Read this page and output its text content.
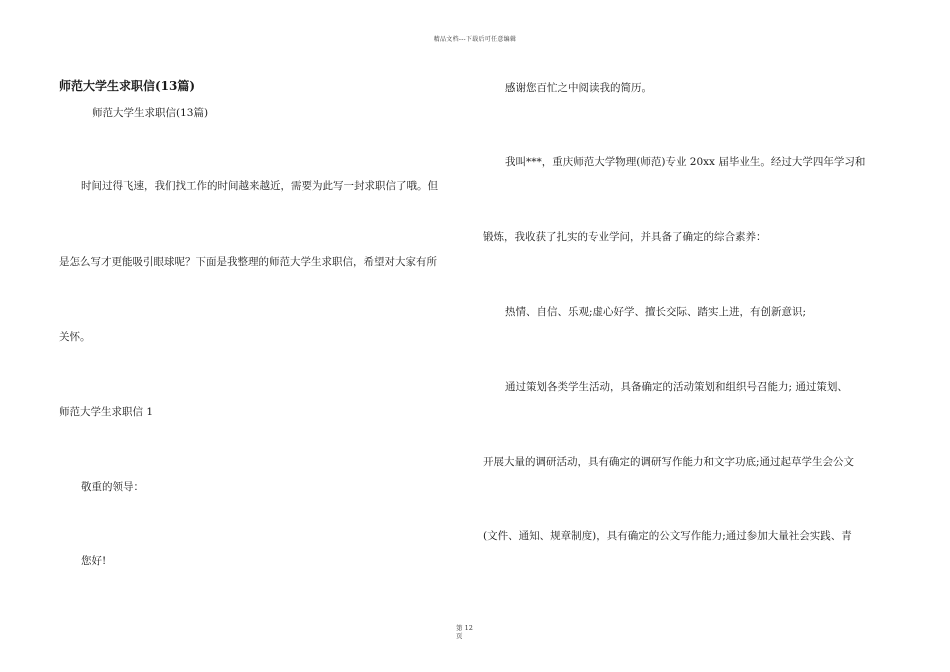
精品文档---下载后可任意编辑
师范大学生求职信(13篇)
师范大学生求职信(13篇)
时间过得飞速，我们找工作的时间越来越近，需要为此写一封求职信了哦。但
是怎么写才更能吸引眼球呢？下面是我整理的师范大学生求职信，希望对大家有所
关怀。
师范大学生求职信 1
敬重的领导：
您好!
感谢您百忙之中阅读我的简历。
我叫***，重庆师范大学物理(师范)专业 20xx 届毕业生。经过大学四年学习和
锻炼，我收获了扎实的专业学问，并具备了确定的综合素养：
热情、自信、乐观;虚心好学、擅长交际、踏实上进，有创新意识;
通过策划各类学生活动，具备确定的活动策划和组织号召能力; 通过策划、
开展大量的调研活动，具有确定的调研写作能力和文字功底;通过起草学生会公文
(文件、通知、规章制度)，具有确定的公文写作能力;通过参加大量社会实践、青
第 12
页
